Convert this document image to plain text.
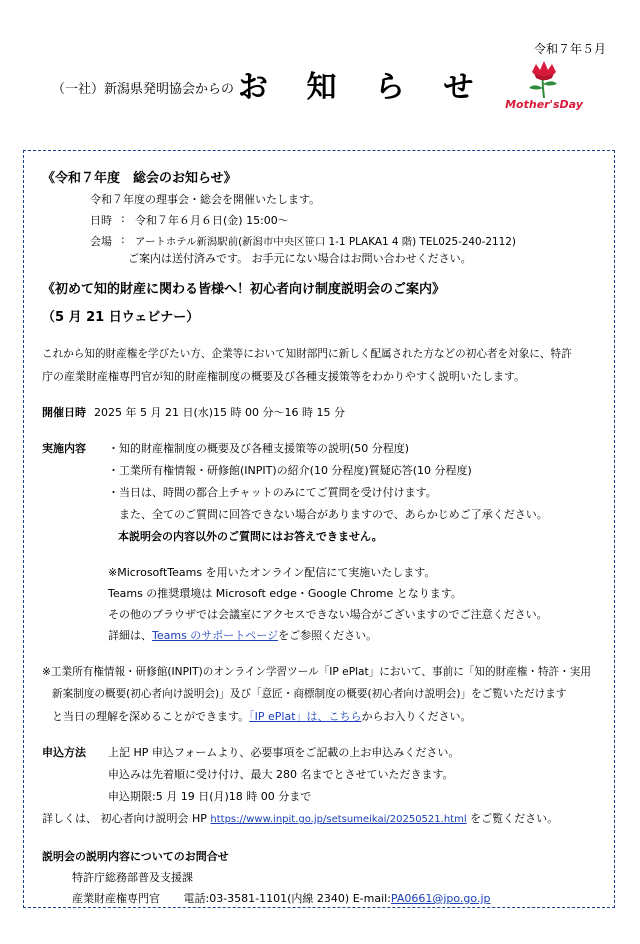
令和７年５月
（一社）新潟県発明協会からの お 知 ら せ	Mother'sDay
《令和７年度　総会のお知らせ》
令和７年度の理事会・総会を開催いたします。
日時 : 令和７年６月６日(金) 15:00～
会場 : アートホテル新潟駅前(新潟市中央区笹口 1-1 PLAKA1 4 階) TEL025-240-2112)
ご案内は送付済みです。 お手元にない場合はお問い合わせください。
《初めて知的財産に関わる皆様へ！初心者向け制度説明会のご案内》
（5 月 21 日ウェビナー）
これから知的財産権を学びたい方、企業等において知財部門に新しく配属された方などの初心者を対象に、特許
庁の産業財産権専門官が知的財産権制度の概要及び各種支援策等をわかりやすく説明いたします。
開催日時 2025 年 5 月 21 日(水)15 時 00 分～16 時 15 分
実施内容 ・知的財産権制度の概要及び各種支援策等の説明(50 分程度)
・工業所有権情報・研修館(INPIT)の紹介(10 分程度)質疑応答(10 分程度)
・当日は、時間の都合上チャットのみにてご質問を受け付けます。
　また、全てのご質問に回答できない場合がありますので、あらかじめご了承ください。
本説明会の内容以外のご質問にはお答えできません。
※MicrosoftTeams を用いたオンライン配信にて実施いたします。
Teams の推奨環境は Microsoft edge・Google Chrome となります。
その他のブラウザでは会議室にアクセスできない場合がございますのでご注意ください。
詳細は、Teams のサポートページをご参照ください。
※工業所有権情報・研修館(INPIT)のオンライン学習ツール「IP ePlat」において、事前に「知的財産権・特許・実用
新案制度の概要(初心者向け説明会)」及び「意匠・商標制度の概要(初心者向け説明会)」をご覧いただけます
と当日の理解を深めることができます。「IP ePlat」は、こちらからお入りください。
申込方法 上記 HP 申込フォームより、必要事項をご記載の上お申込みください。
申込みは先着順に受け付け、最大 280 名までとさせていただきます。
申込期限:5 月 19 日(月)18 時 00 分まで
詳しくは、 初心者向け説明会 HP https://www.inpit.go.jp/setsumeikai/20250521.html をご覧ください。
説明会の説明内容についてのお問合せ
特許庁総務部普及支援課
産業財産権専門官 電話:03-3581-1101(内線 2340) E-mail:PA0661@jpo.go.jp
